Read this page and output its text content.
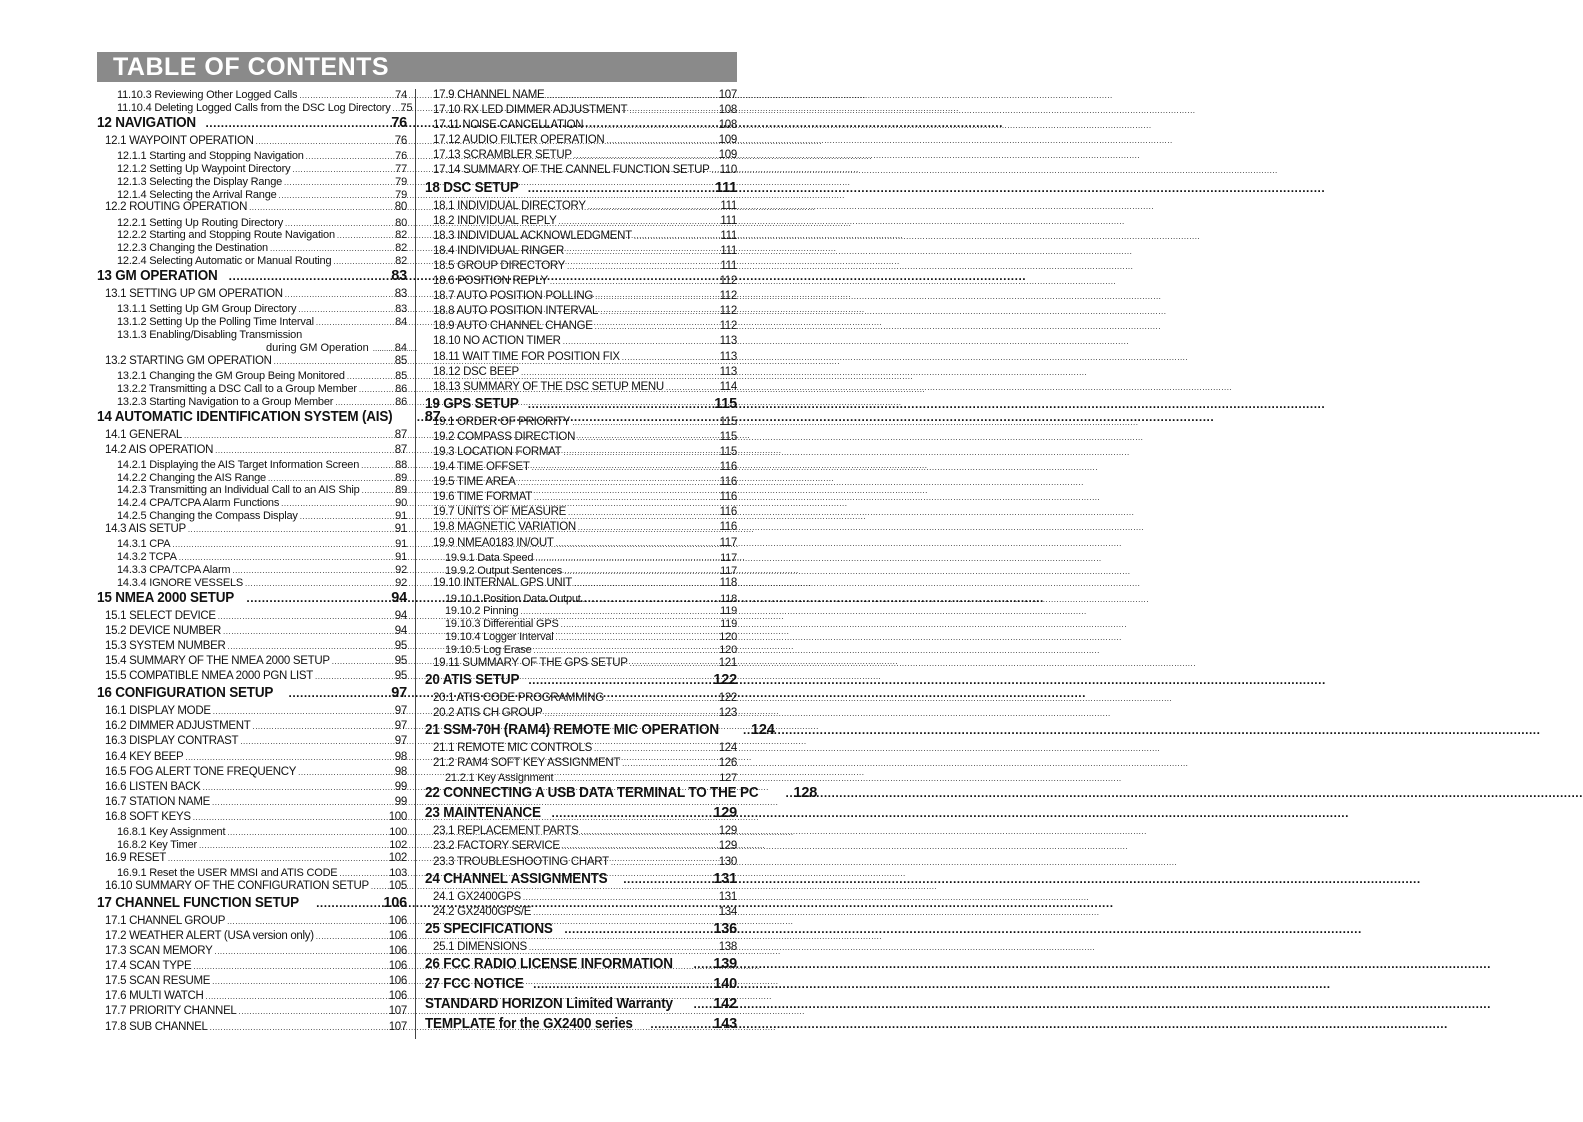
TABLE OF CONTENTS
11.10.3 Reviewing Other Logged Calls .....	74
11.10.4 Deleting Logged Calls from the DSC Log Directory ..... 75
12 NAVIGATION .....	76
12.1 WAYPOINT OPERATION .....	76
12.1.1 Starting and Stopping Navigation .....	76
12.1.2 Setting Up Waypoint Directory .....	77
12.1.3 Selecting the Display Range .....	79
12.1.4 Selecting the Arrival Range .....	79
12.2 ROUTING OPERATION .....	80
12.2.1 Setting Up Routing Directory .....	80
12.2.2 Starting and Stopping Route Navigation .....	82
12.2.3 Changing the Destination .....	82
12.2.4 Selecting Automatic or Manual Routing .....	82
13 GM OPERATION .....	83
13.1 SETTING UP GM OPERATION .....	83
13.1.1 Setting Up GM Group Directory .....	83
13.1.2 Setting Up the Polling Time Interval .....	84
13.1.3 Enabling/Disabling Transmission
during GM Operation ..... 84
13.2 STARTING GM OPERATION .....	85
13.2.1 Changing the GM Group Being Monitored .....	85
13.2.2 Transmitting a DSC Call to a Group Member .....	86
13.2.3 Starting Navigation to a Group Member .....	86
14 AUTOMATIC IDENTIFICATION SYSTEM (AIS) ..... 87
14.1 GENERAL .....	87
14.2 AIS OPERATION .....	87
14.2.1 Displaying the AIS Target Information Screen .....	88
14.2.2 Changing the AIS Range .....	89
14.2.3 Transmitting an Individual Call to an AIS Ship .....	89
14.2.4 CPA/TCPA Alarm Functions .....	90
14.2.5 Changing the Compass Display .....	91
14.3 AIS SETUP .....	91
14.3.1 CPA .....	91
14.3.2 TCPA .....	91
14.3.3 CPA/TCPA Alarm .....	92
14.3.4 IGNORE VESSELS .....	92
15 NMEA 2000 SETUP .....	94
15.1 SELECT DEVICE .....	94
15.2 DEVICE NUMBER .....	94
15.3 SYSTEM NUMBER .....	95
15.4 SUMMARY OF THE NMEA 2000 SETUP .....	95
15.5 COMPATIBLE NMEA 2000 PGN LIST .....	95
16 CONFIGURATION SETUP .....	97
16.1 DISPLAY MODE .....	97
16.2 DIMMER ADJUSTMENT .....	97
16.3 DISPLAY CONTRAST .....	97
16.4 KEY BEEP .....	98
16.5 FOG ALERT TONE FREQUENCY .....	98
16.6 LISTEN BACK .....	99
16.7 STATION NAME .....	99
16.8 SOFT KEYS .....	100
16.8.1 Key Assignment .....	100
16.8.2 Key Timer .....	102
16.9 RESET .....	102
16.9.1 Reset the USER MMSI and ATIS CODE .....	103
16.10 SUMMARY OF THE CONFIGURATION SETUP ..... 105
17 CHANNEL FUNCTION SETUP .....	106
17.1 CHANNEL GROUP .....	106
17.2 WEATHER ALERT (USA version only) .....	106
17.3 SCAN MEMORY .....	106
17.4 SCAN TYPE .....	106
17.5 SCAN RESUME .....	106
17.6 MULTI WATCH .....	106
17.7 PRIORITY CHANNEL .....	107
17.8 SUB CHANNEL .....	107
17.9 CHANNEL NAME .....	107
17.10 RX LED DIMMER ADJUSTMENT .....	108
17.11 NOISE CANCELLATION .....	108
17.12 AUDIO FILTER OPERATION .....	109
17.13 SCRAMBLER SETUP .....	109
17.14 SUMMARY OF THE CANNEL FUNCTION SETUP ..... 110
18 DSC SETUP .....	111
18.1 INDIVIDUAL DIRECTORY .....	111
18.2 INDIVIDUAL REPLY .....	111
18.3 INDIVIDUAL ACKNOWLEDGMENT .....	111
18.4 INDIVIDUAL RINGER .....	111
18.5 GROUP DIRECTORY .....	111
18.6 POSITION REPLY .....	112
18.7 AUTO POSITION POLLING .....	112
18.8 AUTO POSITION INTERVAL .....	112
18.9 AUTO CHANNEL CHANGE .....	112
18.10 NO ACTION TIMER .....	113
18.11 WAIT TIME FOR POSITION FIX .....	113
18.12 DSC BEEP .....	113
18.13 SUMMARY OF THE DSC SETUP MENU .....	114
19 GPS SETUP .....	115
19.1 ORDER OF PRIORITY .....	115
19.2 COMPASS DIRECTION .....	115
19.3 LOCATION FORMAT .....	115
19.4 TIME OFFSET .....	116
19.5 TIME AREA .....	116
19.6 TIME FORMAT .....	116
19.7 UNITS OF MEASURE .....	116
19.8 MAGNETIC VARIATION .....	116
19.9 NMEA0183 IN/OUT .....	117
19.9.1 Data Speed .....	117
19.9.2 Output Sentences .....	117
19.10 INTERNAL GPS UNIT .....	118
19.10.1 Position Data Output .....	118
19.10.2 Pinning .....	119
19.10.3 Differential GPS .....	119
19.10.4 Logger Interval .....	120
19.10.5 Log Erase .....	120
19.11 SUMMARY OF THE GPS SETUP .....	121
20 ATIS SETUP .....	122
20.1 ATIS CODE PROGRAMMING .....	122
20.2 ATIS CH GROUP .....	123
21 SSM-70H (RAM4) REMOTE MIC OPERATION ..... 124
21.1 REMOTE MIC CONTROLS .....	124
21.2 RAM4 SOFT KEY ASSIGNMENT .....	126
21.2.1 Key Assignment .....	127
22 CONNECTING A USB DATA TERMINAL TO THE PC ..... 128
23 MAINTENANCE .....	129
23.1 REPLACEMENT PARTS .....	129
23.2 FACTORY SERVICE .....	129
23.3 TROUBLESHOOTING CHART .....	130
24 CHANNEL ASSIGNMENTS .....	131
24.1 GX2400GPS .....	131
24.2 GX2400GPS/E .....	134
25 SPECIFICATIONS .....	136
25.1 DIMENSIONS .....	138
26 FCC RADIO LICENSE INFORMATION .....	139
27 FCC NOTICE .....	140
STANDARD HORIZON Limited Warranty .....	142
TEMPLATE for the GX2400 series .....	143
